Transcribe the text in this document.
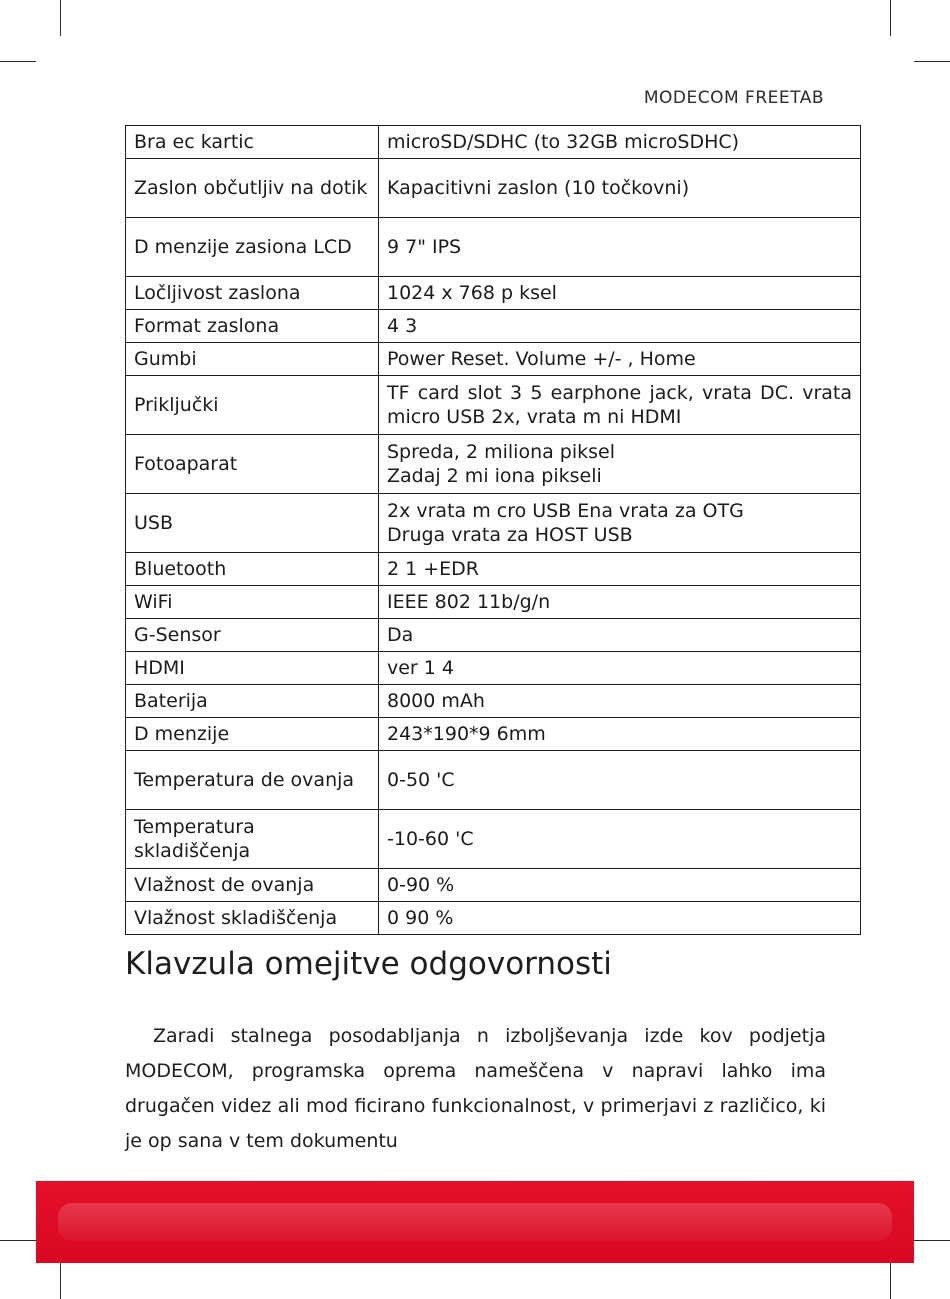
MODECOM FREETAB
Bra ec kartic	microSD/SDHC (to 32GB microSDHC)
Zaslon občutljiv na dotik	Kapacitivni zaslon (10 točkovni)
D menzije zasiona LCD	9 7" IPS
Ločljivost zaslona	1024 x 768 p ksel
Format zaslona	4 3
Gumbi	Power Reset. Volume +/- , Home
Priključki	TF card slot 3 5 earphone jack, vrata DC. vrata micro USB 2x, vrata m ni HDMI
Fotoaparat	Spreda, 2 miliona piksel
Zadaj 2 mi iona pikseli

USB	2x vrata m cro USB Ena vrata za OTG
Druga vrata za HOST USB

Bluetooth	2 1 +EDR
WiFi	IEEE 802 11b/g/n
G-Sensor	Da
HDMI	ver 1 4
Baterija	8000 mAh
D menzije	243*190*9 6mm
Temperatura de ovanja	0-50 'C
Temperatura skladiščenja	-10-60 'C
Vlažnost de ovanja	0-90 %
Vlažnost skladiščenja	0 90 %
Klavzula omejitve odgovornosti

Zaradi stalnega posodabljanja n izboljševanja izde kov podjetja MODECOM, programska oprema nameščena v napravi lahko ima drugačen videz ali mod ficirano funkcionalnost, v primerjavi z različico, ki je op sana v tem dokumentu
